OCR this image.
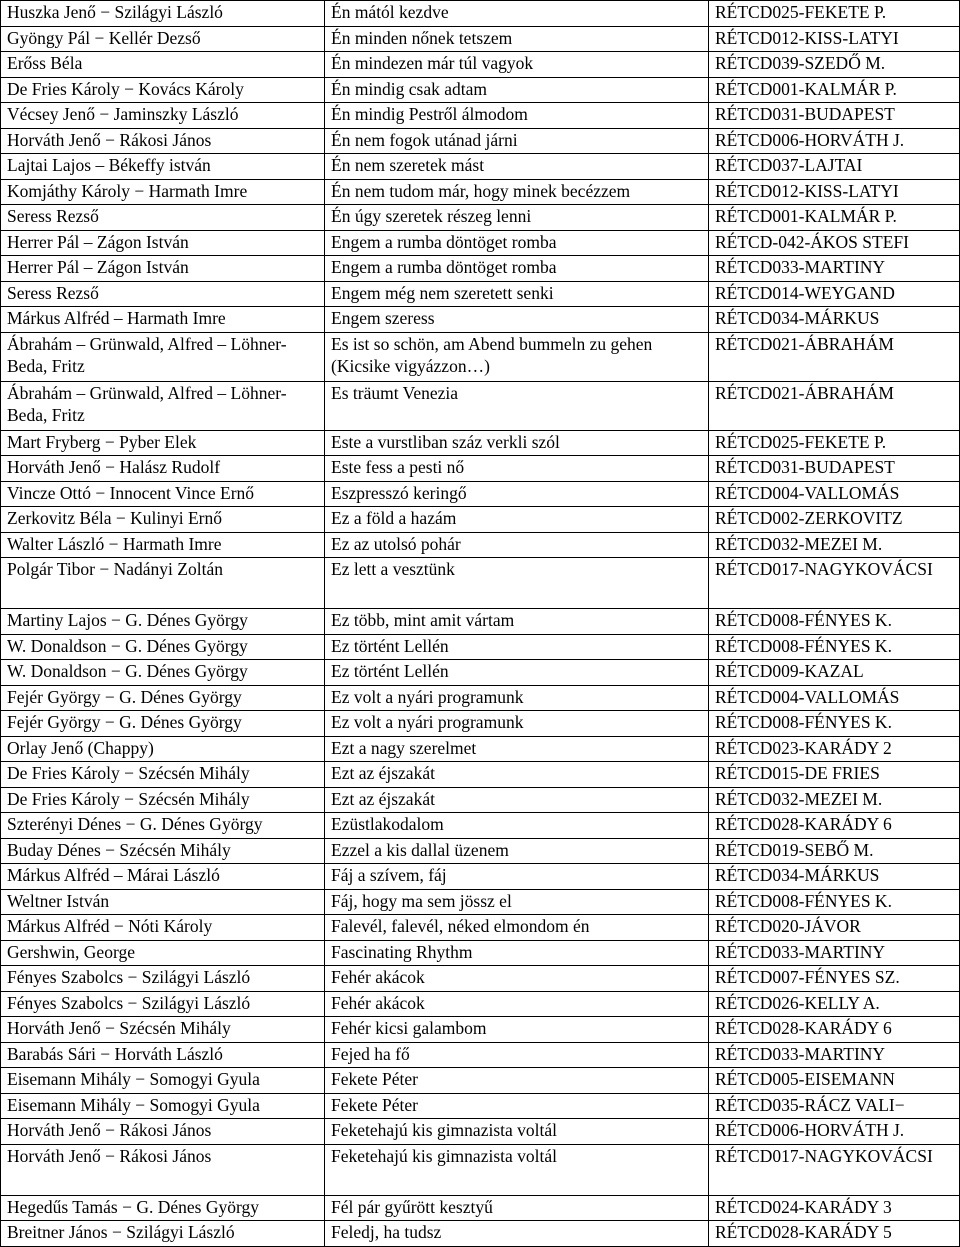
Huszka Jenő − Szilágyi László	Én mától kezdve	RÉTCD025-FEKETE P.
Gyöngy Pál − Kellér Dezső	Én minden nőnek tetszem	RÉTCD012-KISS-LATYI
Erőss Béla	Én mindezen már túl vagyok	RÉTCD039-SZEDŐ M.
De Fries Károly − Kovács Károly	Én mindig csak adtam	RÉTCD001-KALMÁR P.
Vécsey Jenő − Jaminszky László	Én mindig Pestről álmodom	RÉTCD031-BUDAPEST
Horváth Jenő − Rákosi János	Én nem fogok utánad járni	RÉTCD006-HORVÁTH J.
Lajtai Lajos – Békeffy istván	Én nem szeretek mást	RÉTCD037-LAJTAI
Komjáthy Károly − Harmath Imre	Én nem tudom már, hogy minek becézzem	RÉTCD012-KISS-LATYI
Seress Rezső	Én úgy szeretek részeg lenni	RÉTCD001-KALMÁR P.
Herrer Pál – Zágon István	Engem a rumba döntöget romba	RÉTCD-042-ÁKOS STEFI
Herrer Pál – Zágon István	Engem a rumba döntöget romba	RÉTCD033-MARTINY
Seress Rezső	Engem még nem szeretett senki	RÉTCD014-WEYGAND
Márkus Alfréd – Harmath Imre	Engem szeress	RÉTCD034-MÁRKUS
Ábrahám – Grünwald, Alfred – Löhner-Beda, Fritz	Es ist so schön, am Abend bummeln zu gehen (Kicsike vigyázzon…)	RÉTCD021-ÁBRAHÁM
Ábrahám – Grünwald, Alfred – Löhner-Beda, Fritz	Es träumt Venezia	RÉTCD021-ÁBRAHÁM
Mart Fryberg − Pyber Elek	Este a vurstliban száz verkli szól	RÉTCD025-FEKETE P.
Horváth Jenő − Halász Rudolf	Este fess a pesti nő	RÉTCD031-BUDAPEST
Vincze Ottó − Innocent Vince Ernő	Eszpresszó keringő	RÉTCD004-VALLOMÁS
Zerkovitz Béla − Kulinyi Ernő	Ez a föld a hazám	RÉTCD002-ZERKOVITZ
Walter László − Harmath Imre	Ez az utolsó pohár	RÉTCD032-MEZEI M.
Polgár Tibor − Nadányi Zoltán	Ez lett a vesztünk	RÉTCD017-NAGYKOVÁCSI
Martiny Lajos − G. Dénes György	Ez több, mint amit vártam	RÉTCD008-FÉNYES K.
W. Donaldson − G. Dénes György	Ez történt Lellén	RÉTCD008-FÉNYES K.
W. Donaldson − G. Dénes György	Ez történt Lellén	RÉTCD009-KAZAL
Fejér György − G. Dénes György	Ez volt a nyári programunk	RÉTCD004-VALLOMÁS
Fejér György − G. Dénes György	Ez volt a nyári programunk	RÉTCD008-FÉNYES K.
Orlay Jenő (Chappy)	Ezt a nagy szerelmet	RÉTCD023-KARÁDY 2
De Fries Károly − Szécsén Mihály	Ezt az éjszakát	RÉTCD015-DE FRIES
De Fries Károly − Szécsén Mihály	Ezt az éjszakát	RÉTCD032-MEZEI M.
Szterényi Dénes − G. Dénes György	Ezüstlakodalom	RÉTCD028-KARÁDY 6
Buday Dénes − Szécsén Mihály	Ezzel a kis dallal üzenem	RÉTCD019-SEBŐ M.
Márkus Alfréd – Márai László	Fáj a szívem, fáj	RÉTCD034-MÁRKUS
Weltner István	Fáj, hogy ma sem jössz el	RÉTCD008-FÉNYES K.
Márkus Alfréd − Nóti Károly	Falevél, falevél, néked elmondom én	RÉTCD020-JÁVOR
Gershwin, George	Fascinating Rhythm	RÉTCD033-MARTINY
Fényes Szabolcs − Szilágyi László	Fehér akácok	RÉTCD007-FÉNYES SZ.
Fényes Szabolcs − Szilágyi László	Fehér akácok	RÉTCD026-KELLY A.
Horváth Jenő − Szécsén Mihály	Fehér kicsi galambom	RÉTCD028-KARÁDY 6
Barabás Sári − Horváth László	Fejed ha fő	RÉTCD033-MARTINY
Eisemann Mihály − Somogyi Gyula	Fekete Péter	RÉTCD005-EISEMANN
Eisemann Mihály − Somogyi Gyula	Fekete Péter	RÉTCD035-RÁCZ VALI−
Horváth Jenő − Rákosi János	Feketehajú kis gimnazista voltál	RÉTCD006-HORVÁTH J.
Horváth Jenő − Rákosi János	Feketehajú kis gimnazista voltál	RÉTCD017-NAGYKOVÁCSI
Hegedűs Tamás − G. Dénes György	Fél pár gyűrött kesztyű	RÉTCD024-KARÁDY 3
Breitner János − Szilágyi László	Feledj, ha tudsz	RÉTCD028-KARÁDY 5
